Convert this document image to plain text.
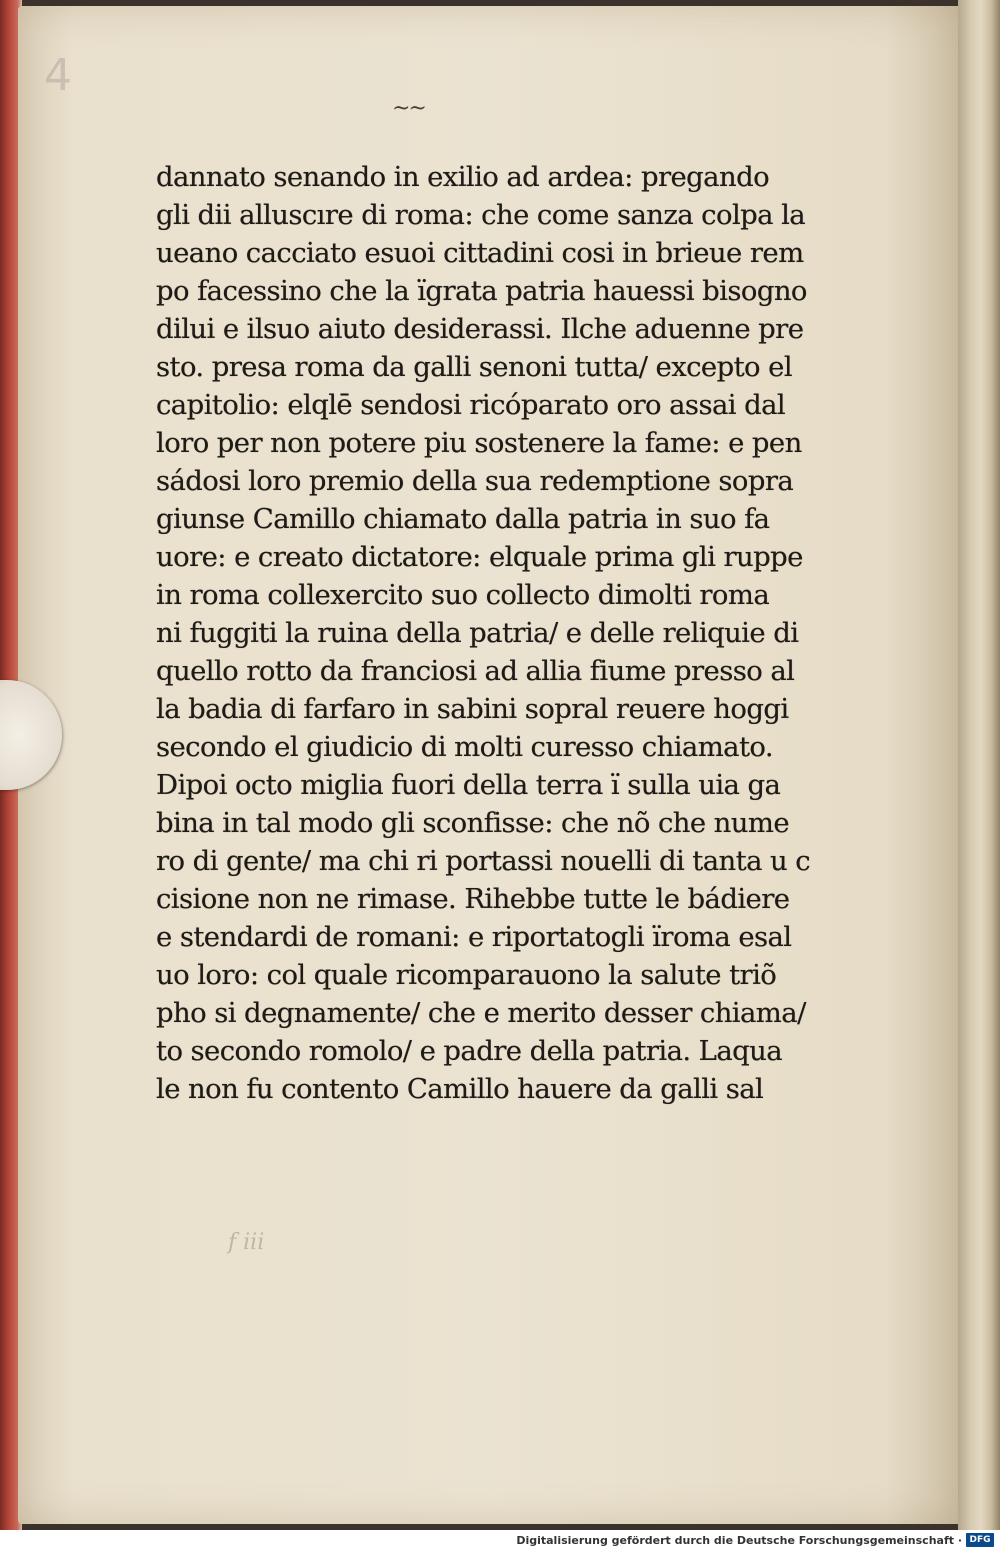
4
~~
dannato senando in exilio ad ardea: pregando
gli dii alluscıre di roma: che come sanza colpa la
ueano cacciato esuoi cittadini cosi in brieue rem
po facessino che la ïgrata patria hauessi bisogno
dilui e ilsuo aiuto desiderassi. Ilche aduenne pre
sto. presa roma da galli senoni tutta/ excepto el
capitolio: elqlē sendosi ricóparato oro assai dal
loro per non potere piu sostenere la fame: e pen
sádosi loro premio della sua redemptione sopra
giunse Camillo chiamato dalla patria in suo fa
uore: e creato dictatore: elquale prima gli ruppe
in roma collexercito suo collecto dimolti roma
ni fuggiti la ruina della patria/ e delle reliquie di
quello rotto da franciosi ad allia fiume presso al
la badia di farfaro in sabini sopral reuere hoggi
secondo el giudicio di molti curesso chiamato.
Dipoi octo miglia fuori della terra ï sulla uia ga
bina in tal modo gli sconfisse: che nõ che nume
ro di gente/ ma chi ri portassi nouelli di tanta u c
cisione non ne rimase. Rihebbe tutte le bádiere
e stendardi de romani: e riportatogli ïroma esal
uo loro: col quale ricomparauono la salute triõ
pho si degnamente/ che e merito desser chiama/
to secondo romolo/ e padre della patria. Laqua
le non fu contento Camillo hauere da galli sal
f iii
Digitalisierung gefördert durch die Deutsche Forschungsgemeinschaft · DFG
